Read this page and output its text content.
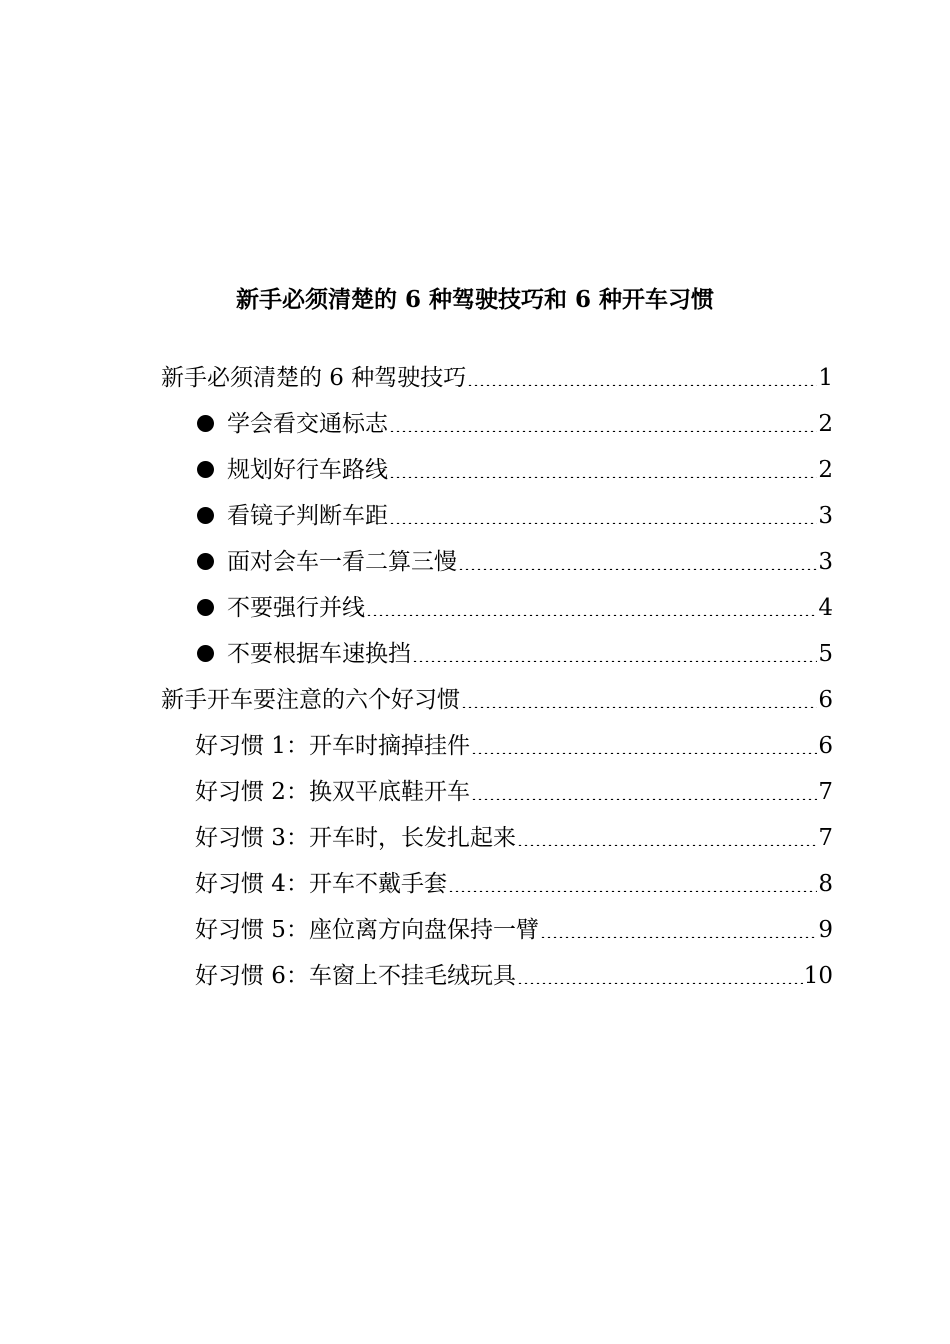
新手必须清楚的 6 种驾驶技巧和 6 种开车习惯
新手必须清楚的 6 种驾驶技巧	1
学会看交通标志	2
规划好行车路线	2
看镜子判断车距	3
面对会车一看二算三慢	3
不要强行并线	4
不要根据车速换挡	5
新手开车要注意的六个好习惯	6
好习惯 1：开车时摘掉挂件	6
好习惯 2：换双平底鞋开车	7
好习惯 3：开车时，长发扎起来	7
好习惯 4：开车不戴手套	8
好习惯 5：座位离方向盘保持一臂	9
好习惯 6：车窗上不挂毛绒玩具	10
